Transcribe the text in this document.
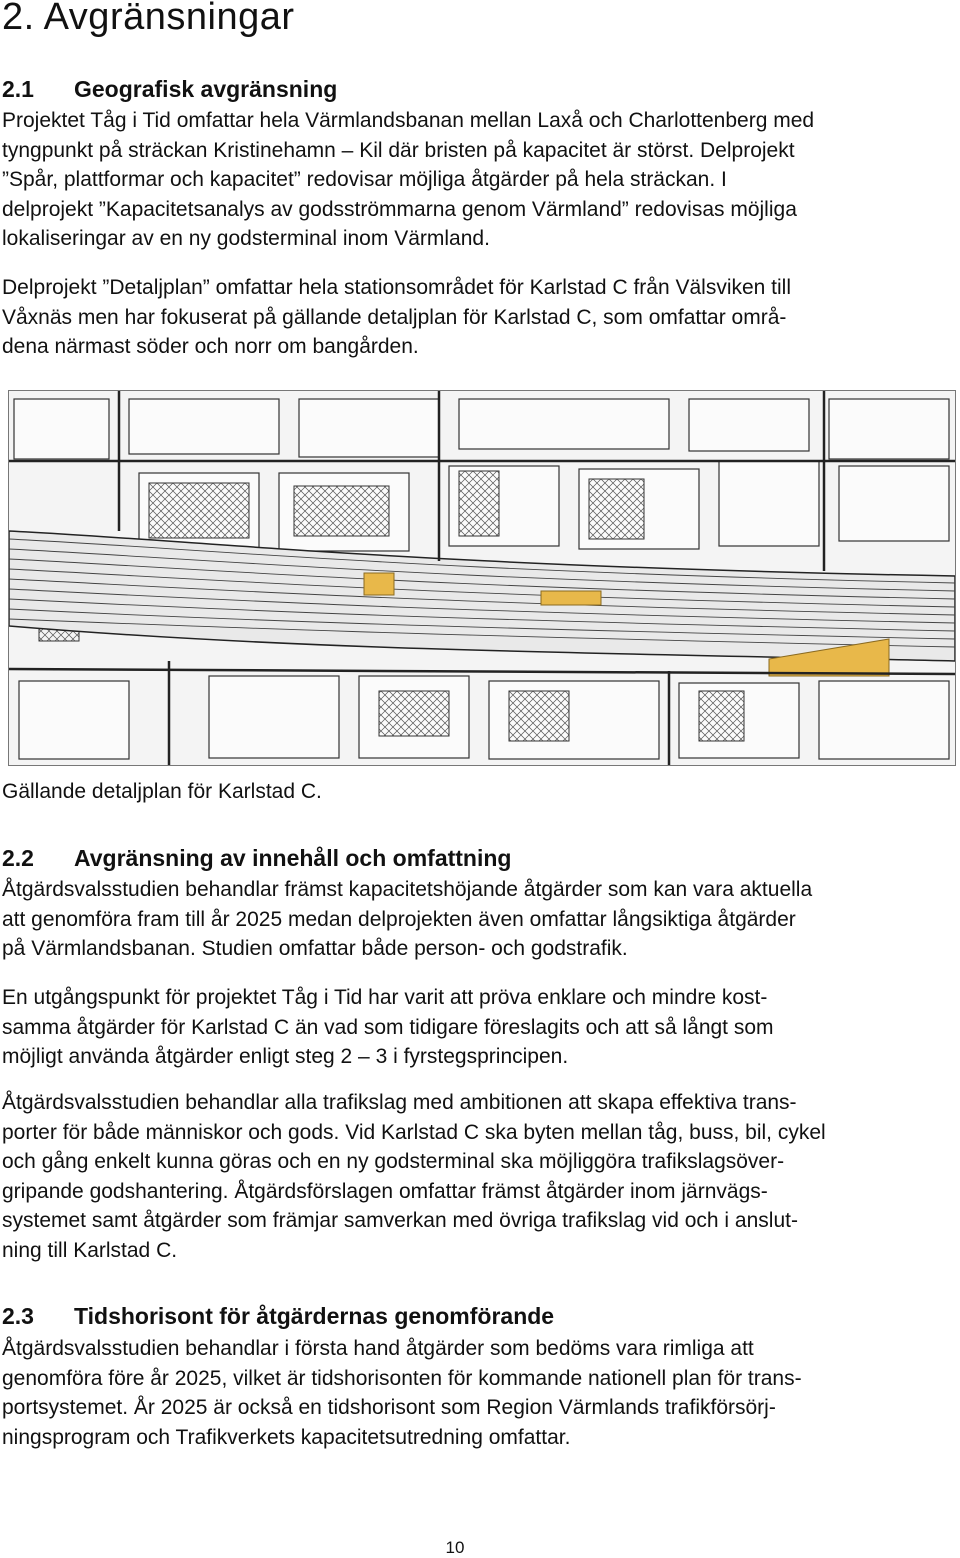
2. Avgränsningar
2.1 Geografisk avgränsning
Projektet Tåg i Tid omfattar hela Värmlandsbanan mellan Laxå och Charlottenberg med
tyngpunkt på sträckan Kristinehamn – Kil där bristen på kapacitet är störst. Delprojekt
”Spår, plattformar och kapacitet” redovisar möjliga åtgärder på hela sträckan. I
delprojekt ”Kapacitetsanalys av godsströmmarna genom Värmland” redovisas möjliga
lokaliseringar av en ny godsterminal inom Värmland.
Delprojekt ”Detaljplan” omfattar hela stationsområdet för Karlstad C från Välsviken till
Våxnäs men har fokuserat på gällande detaljplan för Karlstad C, som omfattar områ-
dena närmast söder och norr om bangården.
Gällande detaljplan för Karlstad C.
2.2 Avgränsning av innehåll och omfattning
Åtgärdsvalsstudien behandlar främst kapacitetshöjande åtgärder som kan vara aktuella
att genomföra fram till år 2025 medan delprojekten även omfattar långsiktiga åtgärder
på Värmlandsbanan. Studien omfattar både person- och godstrafik.
En utgångspunkt för projektet Tåg i Tid har varit att pröva enklare och mindre kost-
samma åtgärder för Karlstad C än vad som tidigare föreslagits och att så långt som
möjligt använda åtgärder enligt steg 2 – 3 i fyrstegsprincipen.
Åtgärdsvalsstudien behandlar alla trafikslag med ambitionen att skapa effektiva trans-
porter för både människor och gods. Vid Karlstad C ska byten mellan tåg, buss, bil, cykel
och gång enkelt kunna göras och en ny godsterminal ska möjliggöra trafikslagsöver-
gripande godshantering. Åtgärdsförslagen omfattar främst åtgärder inom järnvägs-
systemet samt åtgärder som främjar samverkan med övriga trafikslag vid och i anslut-
ning till Karlstad C.
2.3 Tidshorisont för åtgärdernas genomförande
Åtgärdsvalsstudien behandlar i första hand åtgärder som bedöms vara rimliga att
genomföra före år 2025, vilket är tidshorisonten för kommande nationell plan för trans-
portsystemet. År 2025 är också en tidshorisont som Region Värmlands trafikförsörj-
ningsprogram och Trafikverkets kapacitetsutredning omfattar.
10
